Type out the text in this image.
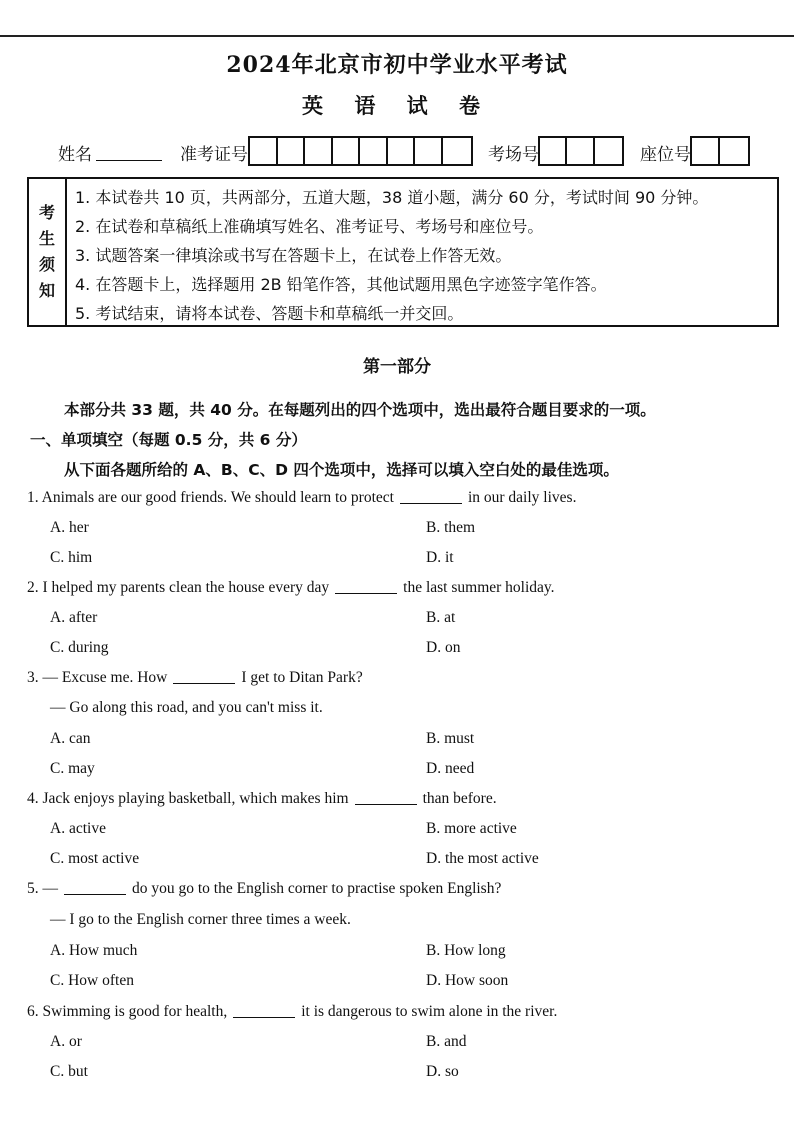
2024年北京市初中学业水平考试
英 语 试 卷
姓名	准考证号	考场号	座位号
考
生
须
知
1. 本试卷共 10 页，共两部分，五道大题，38 道小题，满分 60 分，考试时间 90 分钟。
2. 在试卷和草稿纸上准确填写姓名、准考证号、考场号和座位号。
3. 试题答案一律填涂或书写在答题卡上，在试卷上作答无效。
4. 在答题卡上，选择题用 2B 铅笔作答，其他试题用黑色字迹签字笔作答。
5. 考试结束，请将本试卷、答题卡和草稿纸一并交回。
第一部分
本部分共 33 题，共 40 分。在每题列出的四个选项中，选出最符合题目要求的一项。
一、单项填空（每题 0.5 分，共 6 分）
从下面各题所给的 A、B、C、D 四个选项中，选择可以填入空白处的最佳选项。
1. Animals are our good friends. We should learn to protect	in our daily lives.
A. her	B. them
C. him	D. it
2. I helped my parents clean the house every day	the last summer holiday.
A. after	B. at
C. during	D. on
3. — Excuse me. How	I get to Ditan Park?
— Go along this road, and you can't miss it.
A. can	B. must
C. may	D. need
4. Jack enjoys playing basketball, which makes him	than before.
A. active	B. more active
C. most active	D. the most active
5. —	do you go to the English corner to practise spoken English?
— I go to the English corner three times a week.
A. How much	B. How long
C. How often	D. How soon
6. Swimming is good for health,	it is dangerous to swim alone in the river.
A. or	B. and
C. but	D. so
